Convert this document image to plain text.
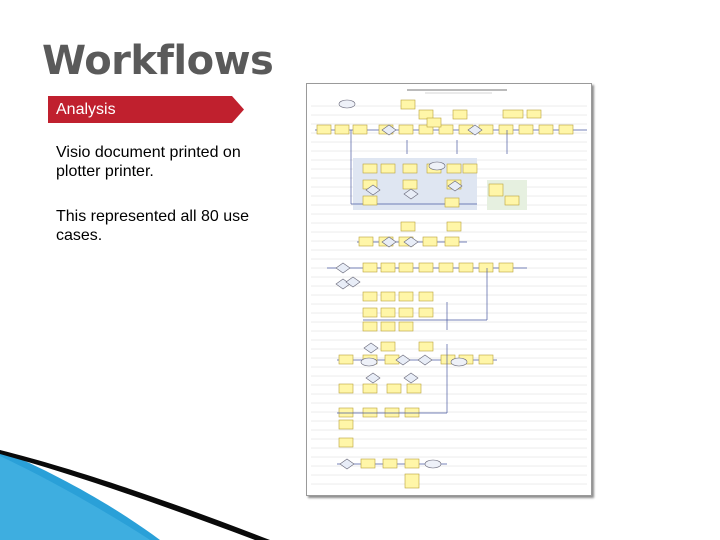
Workflows
Analysis
Visio document printed on plotter printer.
This represented all 80 use cases.
